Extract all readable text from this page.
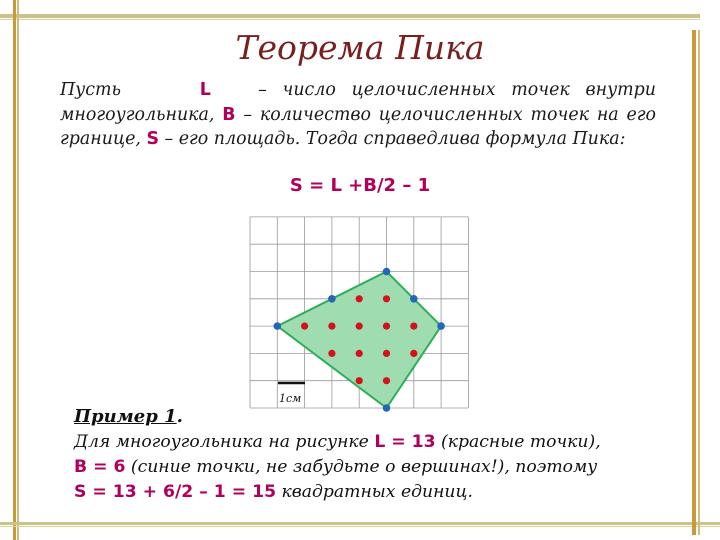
Теорема Пика
Пусть	L	– число целочисленных точек внутри многоугольника, B – количество целочисленных точек на его границе, S – его площадь. Тогда справедлива формула Пика:
S = L +B/2 – 1
1см
Пример 1.
Для многоугольника на рисунке L = 13 (красные точки),
B = 6 (синие точки, не забудьте о вершинах!), поэтому
S = 13 + 6/2 – 1 = 15 квадратных единиц.
